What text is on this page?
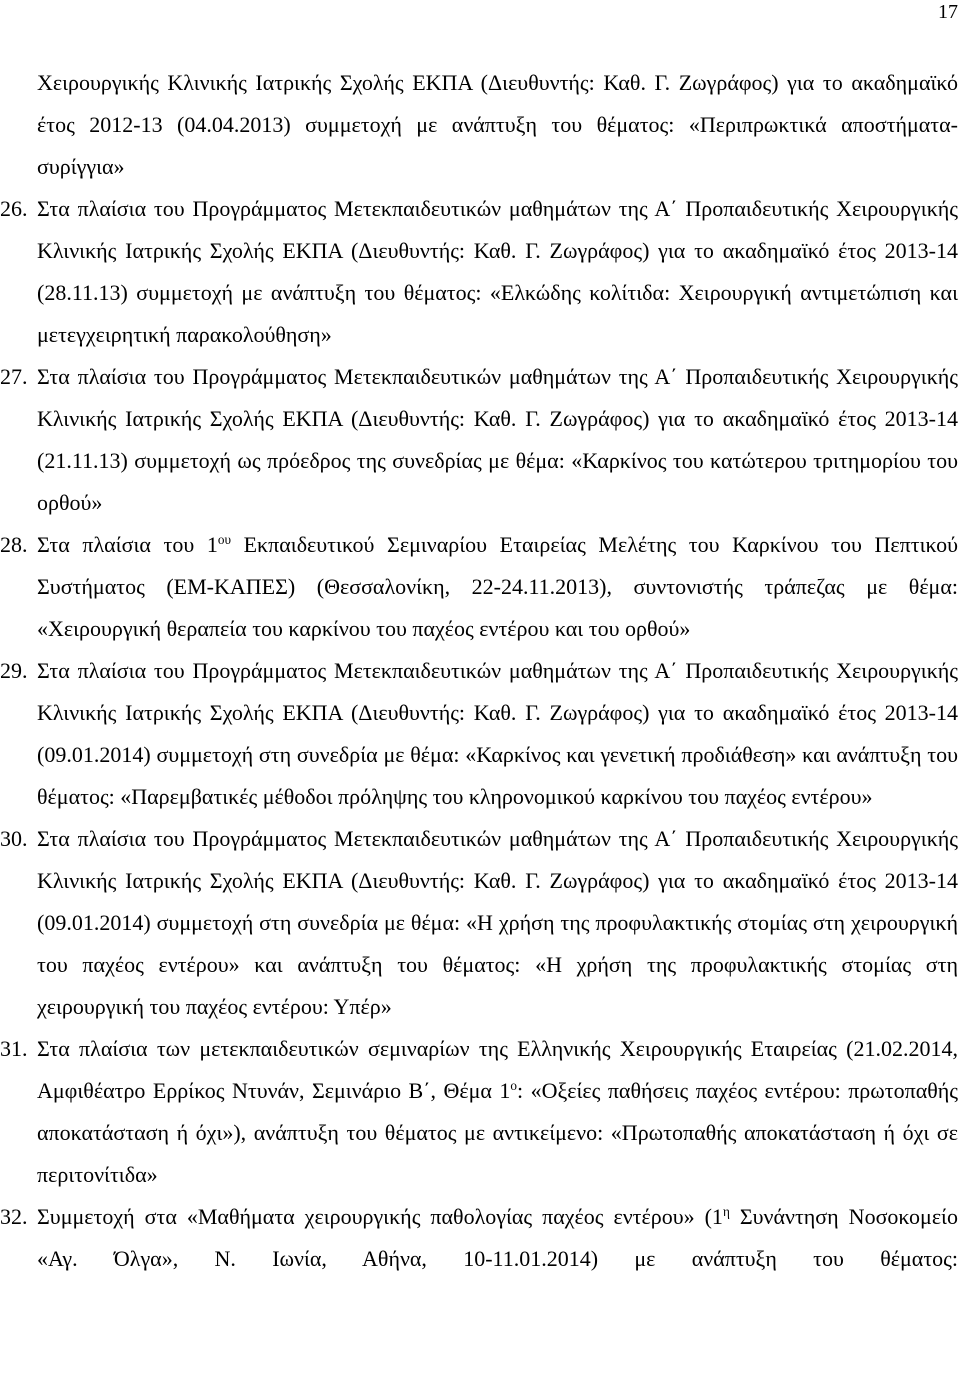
17
Χειρουργικής Κλινικής Ιατρικής Σχολής ΕΚΠΑ (Διευθυντής: Καθ. Γ. Ζωγράφος) για το ακαδημαϊκό έτος 2012-13 (04.04.2013) συμμετοχή με ανάπτυξη του θέματος: «Περιπρωκτικά αποστήματα-συρίγγια»
26. Στα πλαίσια του Προγράμματος Μετεκπαιδευτικών μαθημάτων της Α΄ Προπαιδευτικής Χειρουργικής Κλινικής Ιατρικής Σχολής ΕΚΠΑ (Διευθυντής: Καθ. Γ. Ζωγράφος) για το ακαδημαϊκό έτος 2013-14 (28.11.13) συμμετοχή με ανάπτυξη του θέματος: «Ελκώδης κολίτιδα: Χειρουργική αντιμετώπιση και μετεγχειρητική παρακολούθηση»
27. Στα πλαίσια του Προγράμματος Μετεκπαιδευτικών μαθημάτων της Α΄ Προπαιδευτικής Χειρουργικής Κλινικής Ιατρικής Σχολής ΕΚΠΑ (Διευθυντής: Καθ. Γ. Ζωγράφος) για το ακαδημαϊκό έτος 2013-14 (21.11.13) συμμετοχή ως πρόεδρος της συνεδρίας με θέμα: «Καρκίνος του κατώτερου τριτημορίου του ορθού»
28. Στα πλαίσια του $1^{o\upsilon}$ Εκπαιδευτικού Σεμιναρίου Εταιρείας Μελέτης του Καρκίνου του Πεπτικού Συστήματος (ΕΜ-ΚΑΠΕΣ) (Θεσσαλονίκη, 22-24.11.2013), συντονιστής τράπεζας με θέμα: «Χειρουργική θεραπεία του καρκίνου του παχέος εντέρου και του ορθού»
29. Στα πλαίσια του Προγράμματος Μετεκπαιδευτικών μαθημάτων της Α΄ Προπαιδευτικής Χειρουργικής Κλινικής Ιατρικής Σχολής ΕΚΠΑ (Διευθυντής: Καθ. Γ. Ζωγράφος) για το ακαδημαϊκό έτος 2013-14 (09.01.2014) συμμετοχή στη συνεδρία με θέμα: «Καρκίνος και γενετική προδιάθεση» και ανάπτυξη του θέματος: «Παρεμβατικές μέθοδοι πρόληψης του κληρονομικού καρκίνου του παχέος εντέρου»
30. Στα πλαίσια του Προγράμματος Μετεκπαιδευτικών μαθημάτων της Α΄ Προπαιδευτικής Χειρουργικής Κλινικής Ιατρικής Σχολής ΕΚΠΑ (Διευθυντής: Καθ. Γ. Ζωγράφος) για το ακαδημαϊκό έτος 2013-14 (09.01.2014) συμμετοχή στη συνεδρία με θέμα: «Η χρήση της προφυλακτικής στομίας στη χειρουργική του παχέος εντέρου» και ανάπτυξη του θέματος: «Η χρήση της προφυλακτικής στομίας στη χειρουργική του παχέος εντέρου: Υπέρ»
31. Στα πλαίσια των μετεκπαιδευτικών σεμιναρίων της Ελληνικής Χειρουργικής Εταιρείας (21.02.2014, Αμφιθέατρο Ερρίκος Ντυνάν, Σεμινάριο Β΄, Θέμα $1^o$: «Οξείες παθήσεις παχέος εντέρου: πρωτοπαθής αποκατάσταση ή όχι»), ανάπτυξη του θέματος με αντικείμενο: «Πρωτοπαθής αποκατάσταση ή όχι σε περιτονίτιδα»
32. Συμμετοχή στα «Μαθήματα χειρουργικής παθολογίας παχέος εντέρου» ($1^\eta$ Συνάντηση Νοσοκομείο «Αγ. Όλγα», Ν. Ιωνία, Αθήνα, 10-11.01.2014) με ανάπτυξη του θέματος:
